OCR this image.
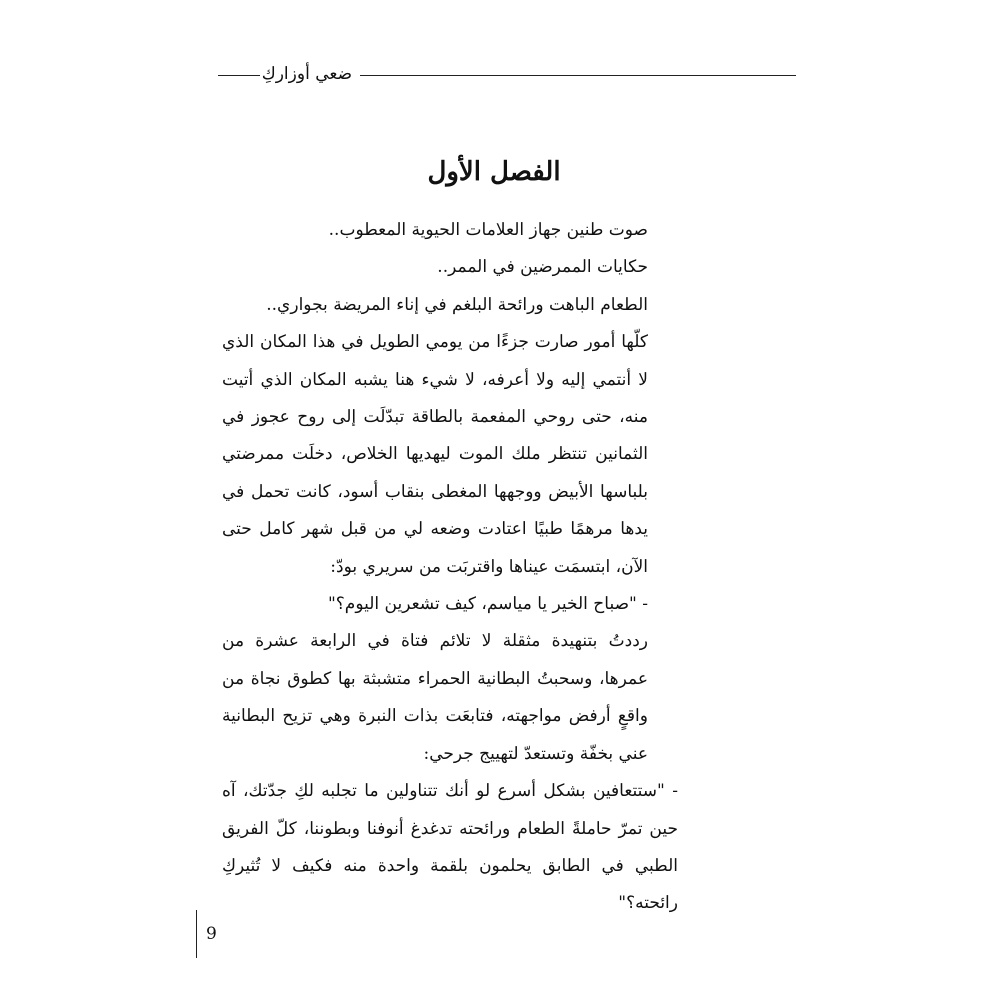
ضعي أوزاركِ
الفصل الأول

صوت طنين جهاز العلامات الحيوية المعطوب..

حكايات الممرضين في الممر..

الطعام الباهت ورائحة البلغم في إناء المريضة بجواري..

كلّها أمور صارت جزءًا من يومي الطويل في هذا المكان الذي لا أنتمي إليه ولا أعرفه، لا شيء هنا يشبه المكان الذي أتيت منه، حتى روحي المفعمة بالطاقة تبدّلَت إلى روح عجوز في الثمانين تنتظر ملك الموت ليهديها الخلاص، دخلَت ممرضتي بلباسها الأبيض ووجهها المغطى بنقاب أسود، كانت تحمل في يدها مرهمًا طبيًا اعتادت وضعه لي من قبل شهر كامل حتى الآن، ابتسمَت عيناها واقتربَت من سريري بودّ:

- "صباح الخير يا مياسم، كيف تشعرين اليوم؟"

رددتُ بتنهيدة مثقلة لا تلائم فتاة في الرابعة عشرة من عمرها، وسحبتُ البطانية الحمراء متشبثة بها كطوق نجاة من واقعٍ أرفض مواجهته، فتابعَت بذات النبرة وهي تزيح البطانية عني بخفّة وتستعدّ لتهييج جرحي:

- "ستتعافين بشكل أسرع لو أنك تتناولين ما تجلبه لكِ جدّتك، آه حين تمرّ حاملةً الطعام ورائحته تدغدغ أنوفنا وبطوننا، كلّ الفريق الطبي في الطابق يحلمون بلقمة واحدة منه فكيف لا تُثيركِ رائحته؟"

9
